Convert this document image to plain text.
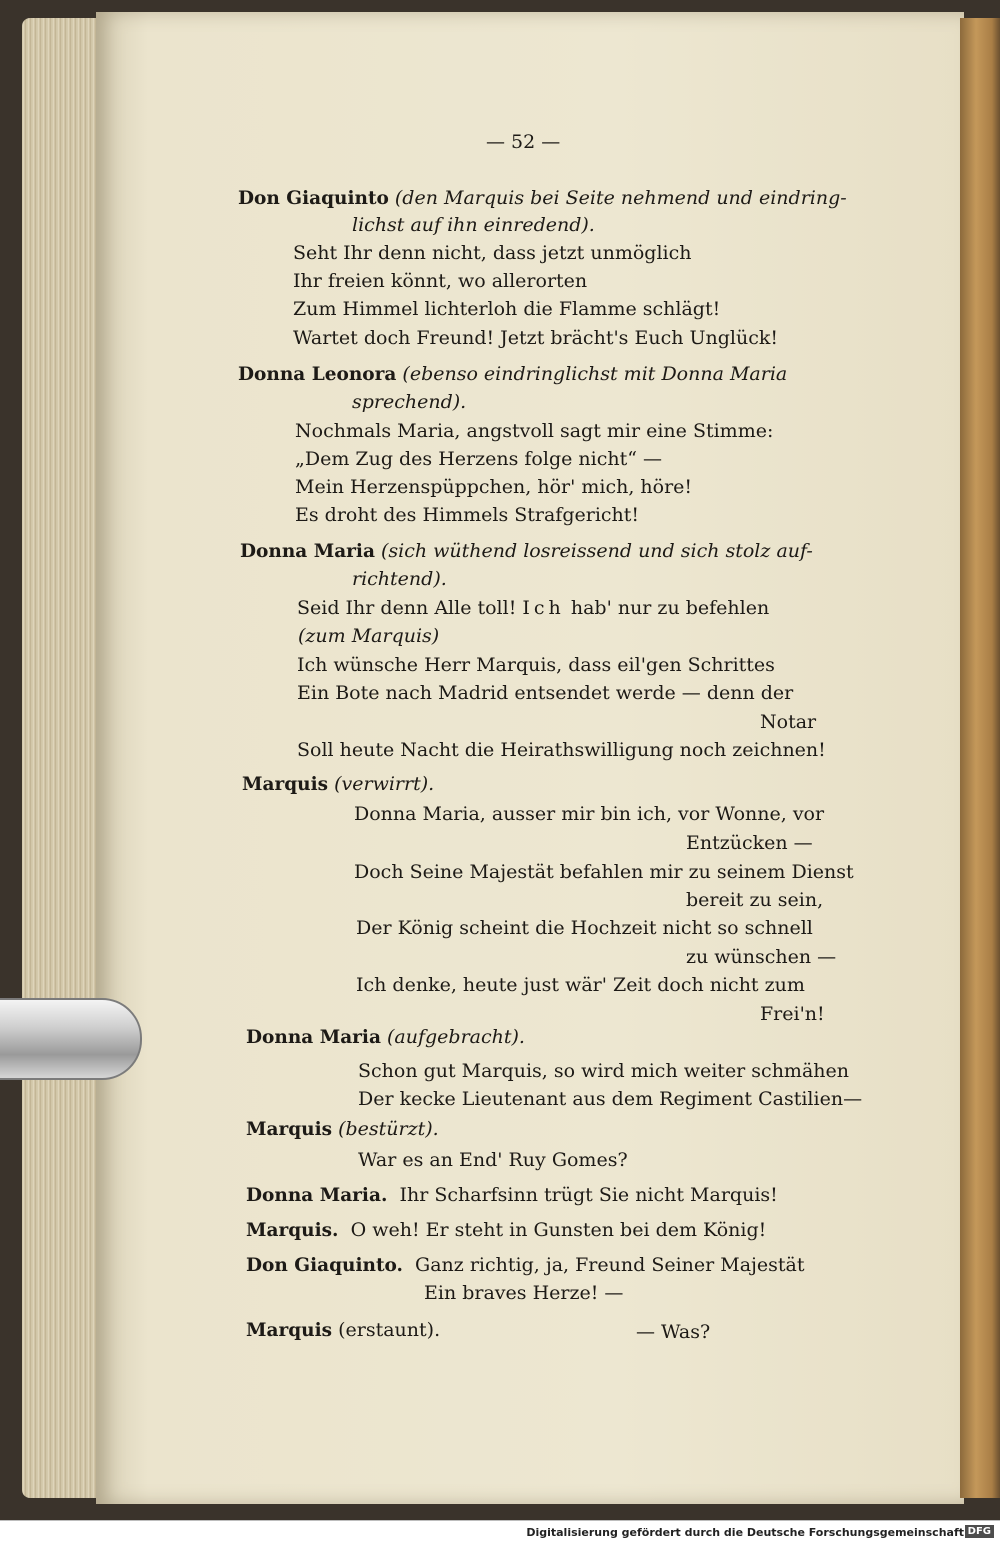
— 52 —
Don Giaquinto (den Marquis bei Seite nehmend und eindring-
lichst auf ihn einredend).
Seht Ihr denn nicht, dass jetzt unmöglich
Ihr freien könnt, wo allerorten
Zum Himmel lichterloh die Flamme schlägt!
Wartet doch Freund! Jetzt brächt's Euch Unglück!
Donna Leonora (ebenso eindringlichst mit Donna Maria
sprechend).
Nochmals Maria, angstvoll sagt mir eine Stimme:
„Dem Zug des Herzens folge nicht“ —
Mein Herzenspüppchen, hör' mich, höre!
Es droht des Himmels Strafgericht!
Donna Maria (sich wüthend losreissend und sich stolz auf-
richtend).
Seid Ihr denn Alle toll! Ich hab' nur zu befehlen
(zum Marquis)
Ich wünsche Herr Marquis, dass eil'gen Schrittes
Ein Bote nach Madrid entsendet werde — denn der
Notar
Soll heute Nacht die Heirathswilligung noch zeichnen!
Marquis (verwirrt).
Donna Maria, ausser mir bin ich, vor Wonne, vor
Entzücken —
Doch Seine Majestät befahlen mir zu seinem Dienst
bereit zu sein,
Der König scheint die Hochzeit nicht so schnell
zu wünschen —
Ich denke, heute just wär' Zeit doch nicht zum
Frei'n!
Donna Maria (aufgebracht).
Schon gut Marquis, so wird mich weiter schmähen
Der kecke Lieutenant aus dem Regiment Castilien—
Marquis (bestürzt).
War es an End' Ruy Gomes?
Donna Maria. Ihr Scharfsinn trügt Sie nicht Marquis!
Marquis. O weh! Er steht in Gunsten bei dem König!
Don Giaquinto. Ganz richtig, ja, Freund Seiner Majestät
Ein braves Herze! —
Marquis (erstaunt).	— Was?
Digitalisierung gefördert durch die Deutsche Forschungsgemeinschaft DFG
